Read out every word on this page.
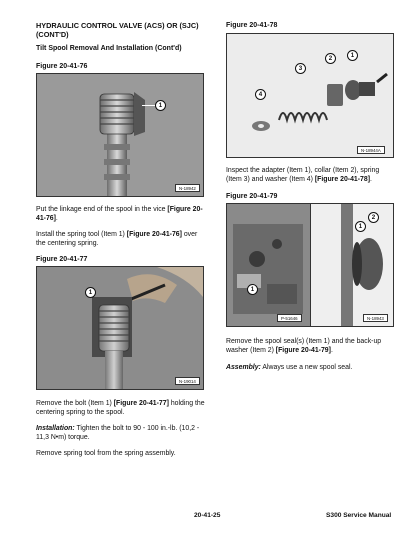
HYDRAULIC CONTROL VALVE (ACS) OR (SJC)
(CONT'D)
Tilt Spool Removal And Installation (Cont'd)
Figure 20-41-76
1
N-18942
Put the linkage end of the spool in the vice [Figure 20-41-76].
Install the spring tool (Item 1) [Figure 20-41-76] over the centering spring.
Figure 20-41-77
1
N-19014
Remove the bolt (Item 1) [Figure 20-41-77] holding the centering spring to the spool.
Installation: Tighten the bolt to 90 - 100 in.-lb. (10,2 - 11,3 N•m) torque.
Remove spring tool from the spring assembly.
Figure 20-41-78
2	1
3
4
N-18944A
Inspect the adapter (Item 1), collar (Item 2), spring (Item 3) and washer (Item 4) [Figure 20-41-78].
Figure 20-41-79
1
P-51646
2
1
N-18943
Remove the spool seal(s) (Item 1) and the back-up washer (Item 2) [Figure 20-41-79].
Assembly: Always use a new spool seal.
20-41-25	S300 Service Manual
